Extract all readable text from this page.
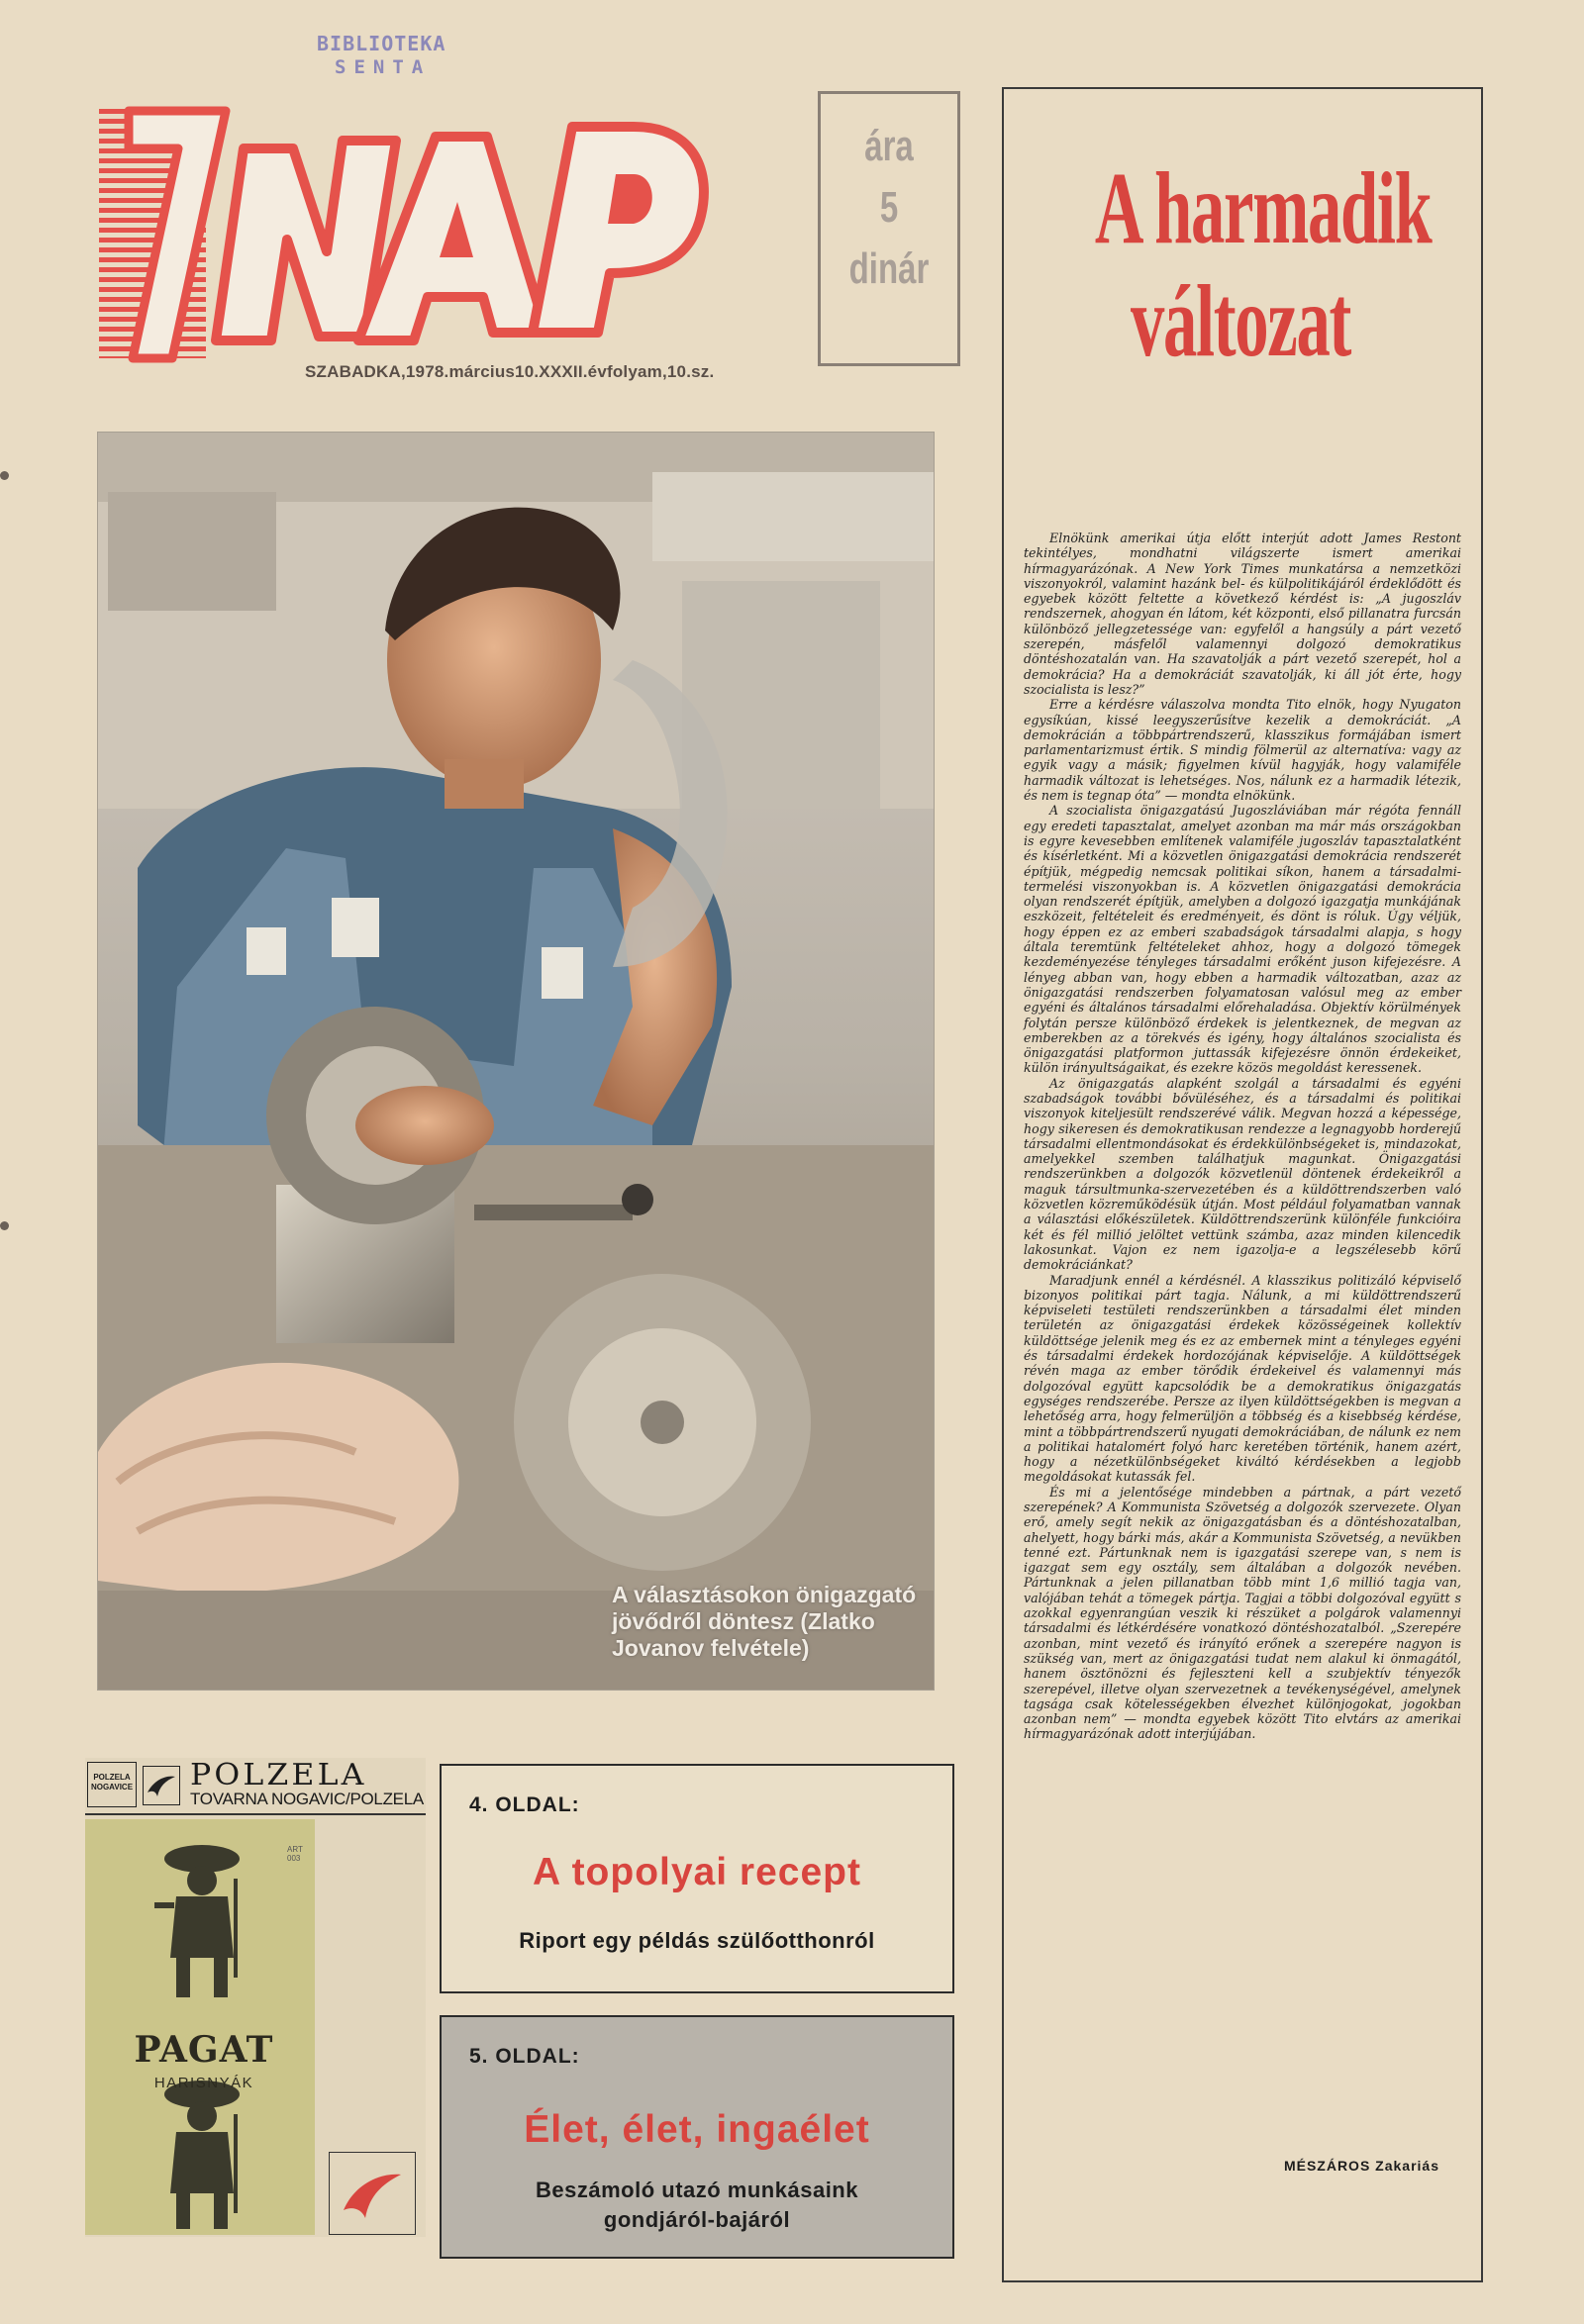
BIBLIOTEKA
SENTA
SZABADKA,1978.március10.XXXII.évfolyam,10.sz.
ára
5
dinár
A harmadik
változat

Elnökünk amerikai útja előtt interjút adott James Restont tekintélyes, mondhatni világszerte ismert amerikai hírmagyarázónak. A New York Times munkatársa a nemzetközi viszonyokról, valamint hazánk bel- és külpolitikájáról érdeklődött és egyebek között feltette a következő kérdést is: „A jugoszláv rendszernek, ahogyan én látom, két központi, első pillanatra furcsán különböző jellegzetessége van: egyfelől a hangsúly a párt vezető szerepén, másfelől valamennyi dolgozó demokratikus döntéshozatalán van. Ha szavatolják a párt vezető szerepét, hol a demokrácia? Ha a demokráciát szavatolják, ki áll jót érte, hogy szocialista is lesz?”

Erre a kérdésre válaszolva mondta Tito elnök, hogy Nyugaton egysíkúan, kissé leegyszerűsítve kezelik a demokráciát. „A demokrácián a többpártrendszerű, klasszikus formájában ismert parlamentarizmust értik. S mindig fölmerül az alternatíva: vagy az egyik vagy a másik; figyelmen kívül hagyják, hogy valamiféle harmadik változat is lehetséges. Nos, nálunk ez a harmadik létezik, és nem is tegnap óta” — mondta elnökünk.

A szocialista önigazgatású Jugoszláviában már régóta fennáll egy eredeti tapasztalat, amelyet azonban ma már más országokban is egyre kevesebben említenek valamiféle jugoszláv tapasztalatként és kísérletként. Mi a közvetlen önigazgatási demokrácia rendszerét építjük, mégpedig nemcsak politikai síkon, hanem a társadalmi-termelési viszonyokban is. A közvetlen önigazgatási demokrácia olyan rendszerét építjük, amelyben a dolgozó igazgatja munkájának eszközeit, feltételeit és eredményeit, és dönt is róluk. Úgy véljük, hogy éppen ez az emberi szabadságok társadalmi alapja, s hogy általa teremtünk feltételeket ahhoz, hogy a dolgozó tömegek kezdeményezése tényleges társadalmi erőként juson kifejezésre. A lényeg abban van, hogy ebben a harmadik változatban, azaz az önigazgatási rendszerben folyamatosan valósul meg az ember egyéni és általános társadalmi előrehaladása. Objektív körülmények folytán persze különböző érdekek is jelentkeznek, de megvan az emberekben az a törekvés és igény, hogy általános szocialista és önigazgatási platformon juttassák kifejezésre önnön érdekeiket, külön irányultságaikat, és ezekre közös megoldást keressenek.

Az önigazgatás alapként szolgál a társadalmi és egyéni szabadságok további bővüléséhez, és a társadalmi és politikai viszonyok kiteljesült rendszerévé válik. Megvan hozzá a képessége, hogy sikeresen és demokratikusan rendezze a legnagyobb horderejű társadalmi ellentmondásokat és érdekkülönbségeket is, mindazokat, amelyekkel szemben találhatjuk magunkat. Önigazgatási rendszerünkben a dolgozók közvetlenül döntenek érdekeikről a maguk társultmunka-szervezetében és a küldöttrendszerben való közvetlen közreműködésük útján. Most például folyamatban vannak a választási előkészületek. Küldöttrendszerünk különféle funkcióira két és fél millió jelöltet vettünk számba, azaz minden kilencedik lakosunkat. Vajon ez nem igazolja-e a legszélesebb körű demokráciánkat?

Maradjunk ennél a kérdésnél. A klasszikus politizáló képviselő bizonyos politikai párt tagja. Nálunk, a mi küldöttrendszerű képviseleti testületi rendszerünkben a társadalmi élet minden területén az önigazgatási érdekek közösségeinek kollektív küldöttsége jelenik meg és ez az embernek mint a tényleges egyéni és társadalmi érdekek hordozójának képviselője. A küldöttségek révén maga az ember törődik érdekeivel és valamennyi más dolgozóval együtt kapcsolódik be a demokratikus önigazgatás egységes rendszerébe. Persze az ilyen küldöttségekben is megvan a lehetőség arra, hogy felmerüljön a többség és a kisebbség kérdése, mint a többpártrendszerű nyugati demokráciában, de nálunk ez nem a politikai hatalomért folyó harc keretében történik, hanem azért, hogy a nézetkülönbségeket kiváltó kérdésekben a legjobb megoldásokat kutassák fel.

És mi a jelentősége mindebben a pártnak, a párt vezető szerepének? A Kommunista Szövetség a dolgozók szervezete. Olyan erő, amely segít nekik az önigazgatásban és a döntéshozatalban, ahelyett, hogy bárki más, akár a Kommunista Szövetség, a nevükben tenné ezt. Pártunknak nem is igazgatási szerepe van, s nem is igazgat sem egy osztály, sem általában a dolgozók nevében. Pártunknak a jelen pillanatban több mint 1,6 millió tagja van, valójában tehát a tömegek pártja. Tagjai a többi dolgozóval együtt s azokkal egyenrangúan veszik ki részüket a polgárok valamennyi társadalmi és létkérdésére vonatkozó döntéshozatalból. „Szerepére azonban, mint vezető és irányító erőnek a szerepére nagyon is szükség van, mert az önigazgatási tudat nem alakul ki önmagától, hanem ösztönözni és fejleszteni kell a szubjektív tényezők szerepével, illetve olyan szervezetnek a tevékenységével, amelynek tagsága csak kötelességekben élvezhet különjogokat, jogokban azonban nem” — mondta egyebek között Tito elvtárs az amerikai hírmagyarázónak adott interjújában.

MÉSZÁROS Zakariás
A választásokon önigazgató jövődről döntesz (Zlatko Jovanov felvétele)
POLZELA NOGAVICE POLZELA
TOVARNA NOGAVIC/POLZELA
ART 003
PAGAT
HARISNYÁK
4. OLDAL:
A topolyai recept
Riport egy példás szülőotthonról
5. OLDAL:
Élet, élet, ingaélet
Beszámoló utazó munkásaink
gondjáról-bajáról
